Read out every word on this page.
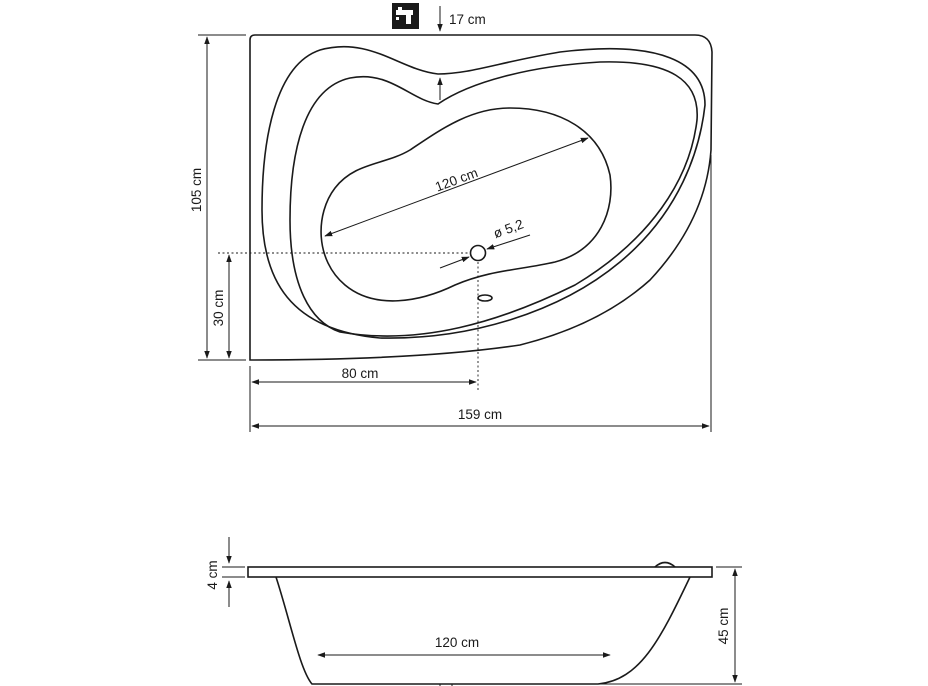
105 cm
30 cm
80 cm
159 cm
120 cm
ø 5,2
17 cm
4 cm
120 cm	45 cm
